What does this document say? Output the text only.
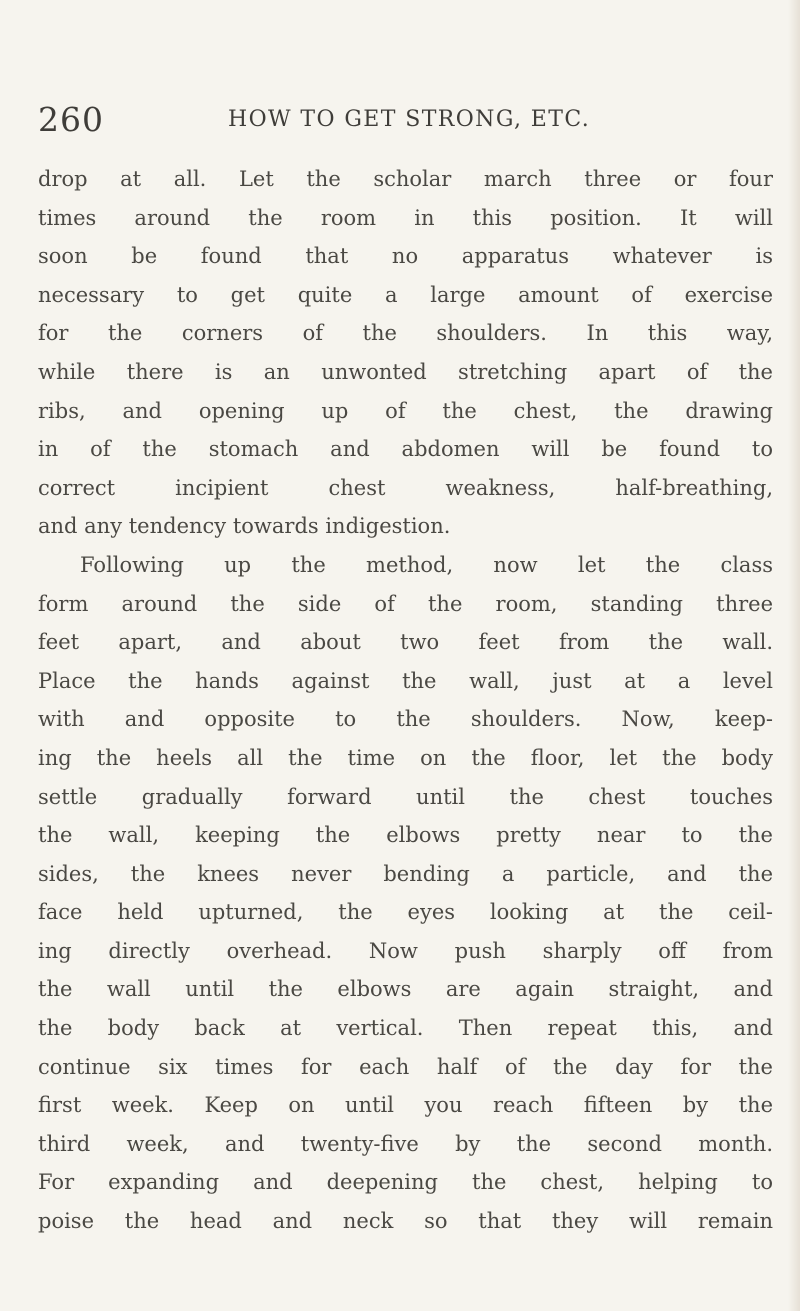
260	HOW TO GET STRONG, ETC.
drop at all. Let the scholar march three or four
times around the room in this position. It will
soon be found that no apparatus whatever is
necessary to get quite a large amount of exercise
for the corners of the shoulders. In this way,
while there is an unwonted stretching apart of the
ribs, and opening up of the chest, the drawing
in of the stomach and abdomen will be found to
correct incipient chest weakness, half-breathing,
and any tendency towards indigestion.
Following up the method, now let the class
form around the side of the room, standing three
feet apart, and about two feet from the wall.
Place the hands against the wall, just at a level
with and opposite to the shoulders. Now, keep-
ing the heels all the time on the floor, let the body
settle gradually forward until the chest touches
the wall, keeping the elbows pretty near to the
sides, the knees never bending a particle, and the
face held upturned, the eyes looking at the ceil-
ing directly overhead. Now push sharply off from
the wall until the elbows are again straight, and
the body back at vertical. Then repeat this, and
continue six times for each half of the day for the
first week. Keep on until you reach fifteen by the
third week, and twenty-five by the second month.
For expanding and deepening the chest, helping to
poise the head and neck so that they will remain
